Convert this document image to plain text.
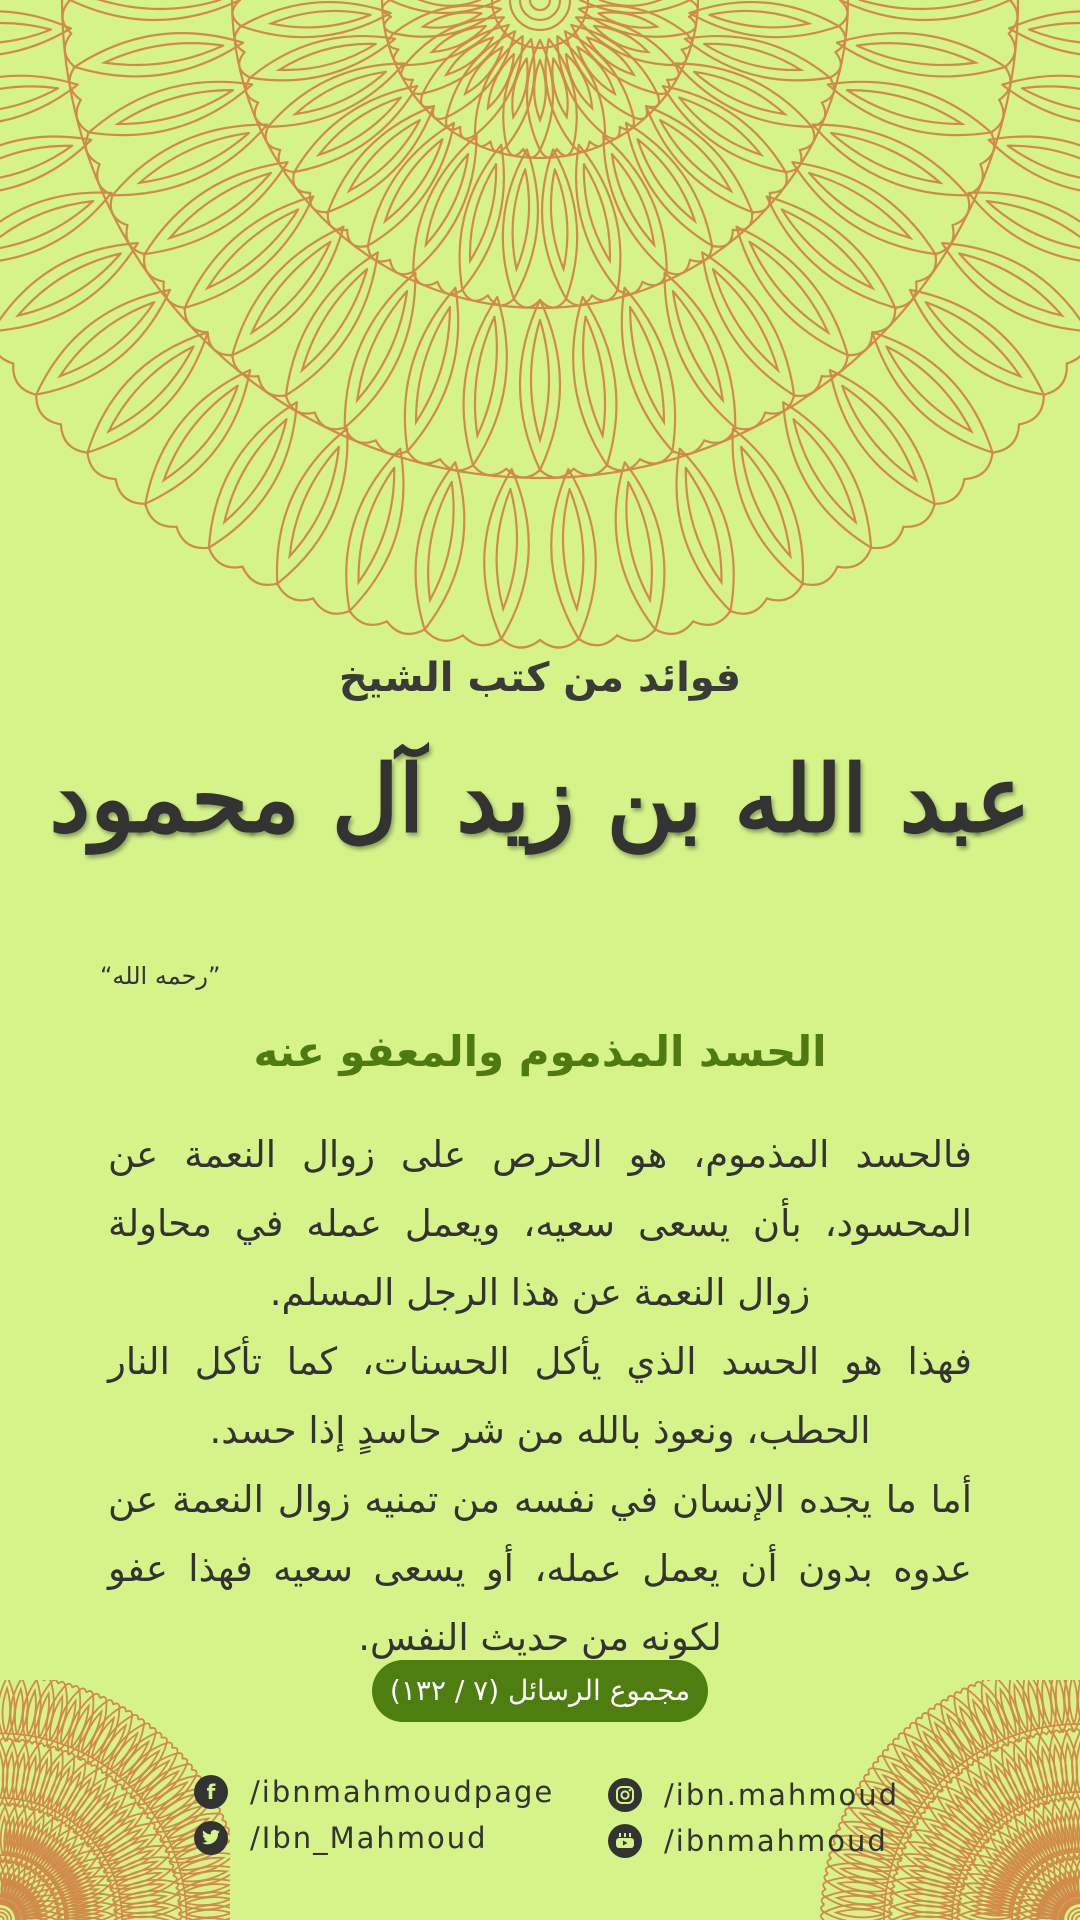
فوائد من كتب الشيخ
عبد الله بن زيد آل محمود
”رحمه الله“
الحسد المذموم والمعفو عنه

فالحسد المذموم، هو الحرص على زوال النعمة عن المحسود، بأن يسعى سعيه، ويعمل عمله في محاولة زوال النعمة عن هذا الرجل المسلم.

فهذا هو الحسد الذي يأكل الحسنات، كما تأكل النار الحطب، ونعوذ بالله من شر حاسدٍ إذا حسد.

أما ما يجده الإنسان في نفسه من تمنيه زوال النعمة عن عدوه بدون أن يعمل عمله، أو يسعى سعيه فهذا عفو لكونه من حديث النفس.

مجموع الرسائل (٧ / ١٣٢)
f	/ibnmahmoudpage
/Ibn_Mahmoud
/ibn.mahmoud
/ibnmahmoud
